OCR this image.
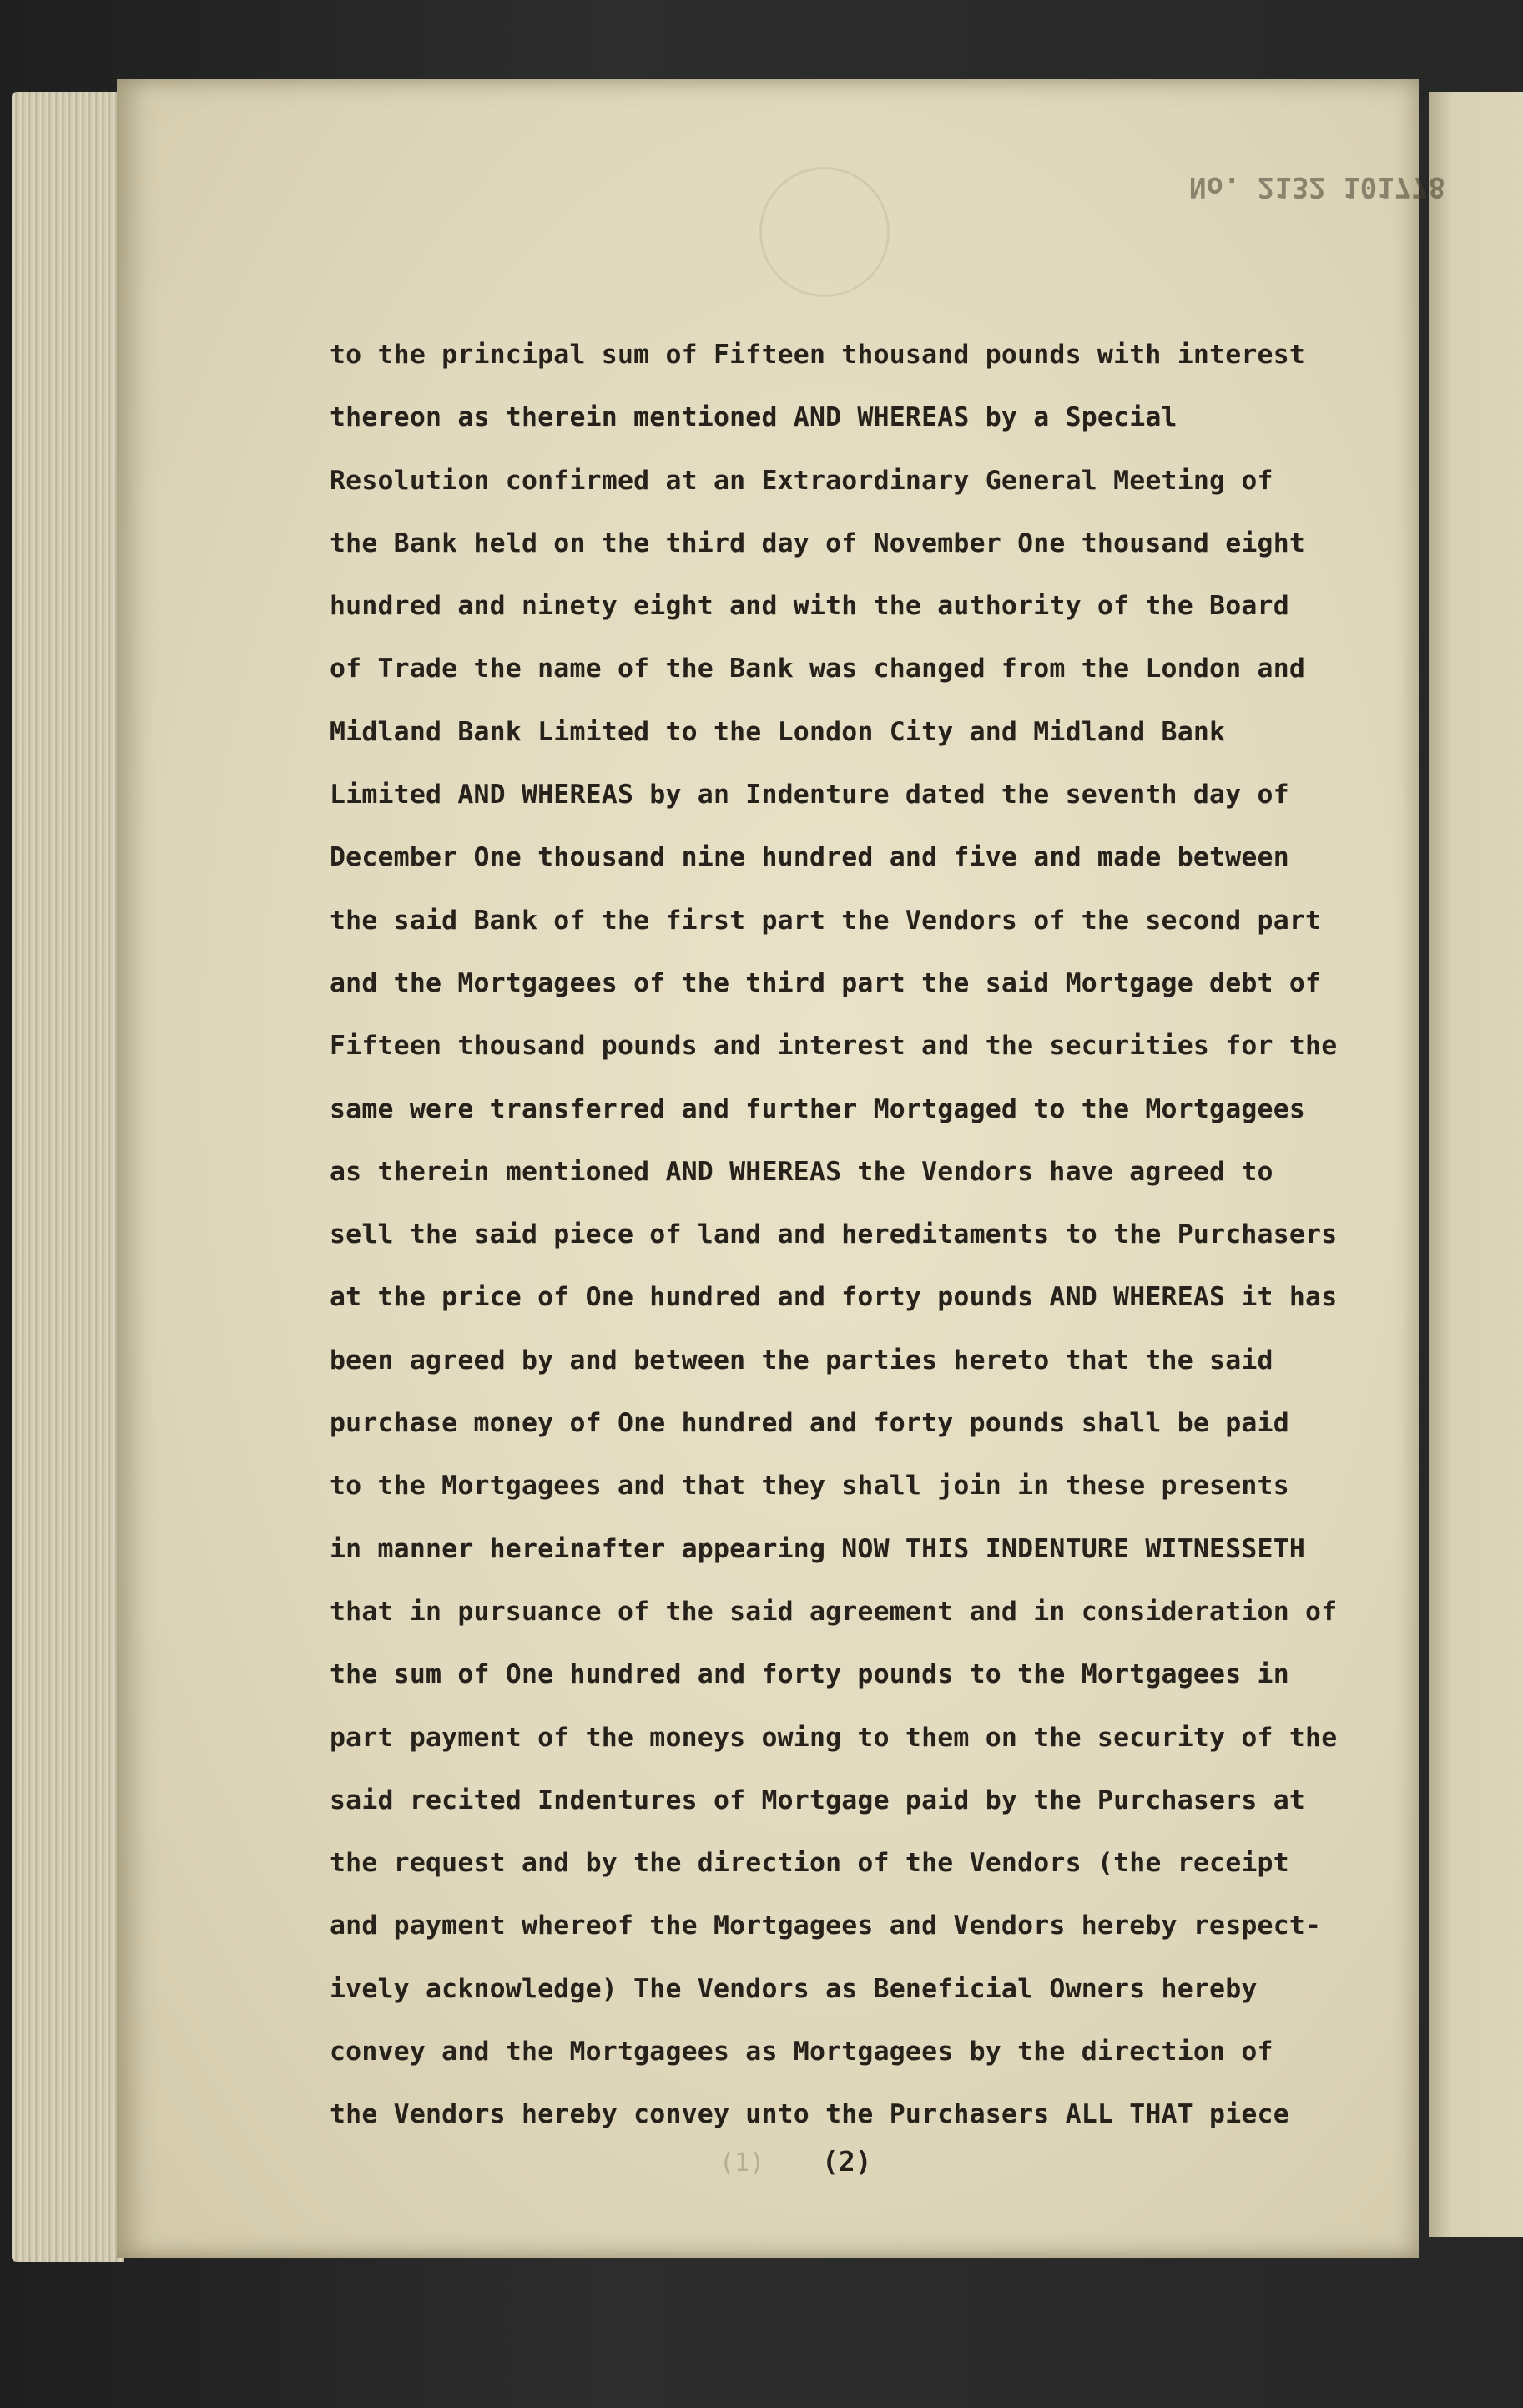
No. 2132 101778
to the principal sum of Fifteen thousand pounds with interest
thereon as therein mentioned AND WHEREAS by a Special
Resolution confirmed at an Extraordinary General Meeting of
the Bank held on the third day of November One thousand eight
hundred and ninety eight and with the authority of the Board
of Trade the name of the Bank was changed from the London and
Midland Bank Limited to the London City and Midland Bank
Limited AND WHEREAS by an Indenture dated the seventh day of
December One thousand nine hundred and five and made between
the said Bank of the first part the Vendors of the second part
and the Mortgagees of the third part the said Mortgage debt of
Fifteen thousand pounds and interest and the securities for the
same were transferred and further Mortgaged to the Mortgagees
as therein mentioned AND WHEREAS the Vendors have agreed to
sell the said piece of land and hereditaments to the Purchasers
at the price of One hundred and forty pounds AND WHEREAS it has
been agreed by and between the parties hereto that the said
purchase money of One hundred and forty pounds shall be paid
to the Mortgagees and that they shall join in these presents
in manner hereinafter appearing NOW THIS INDENTURE WITNESSETH
that in pursuance of the said agreement and in consideration of
the sum of One hundred and forty pounds to the Mortgagees in
part payment of the moneys owing to them on the security of the
said recited Indentures of Mortgage paid by the Purchasers at
the request and by the direction of the Vendors (the receipt
and payment whereof the Mortgagees and Vendors hereby respect-
ively acknowledge) The Vendors as Beneficial Owners hereby
convey and the Mortgagees as Mortgagees by the direction of
the Vendors hereby convey unto the Purchasers ALL THAT piece
(1) (2)
